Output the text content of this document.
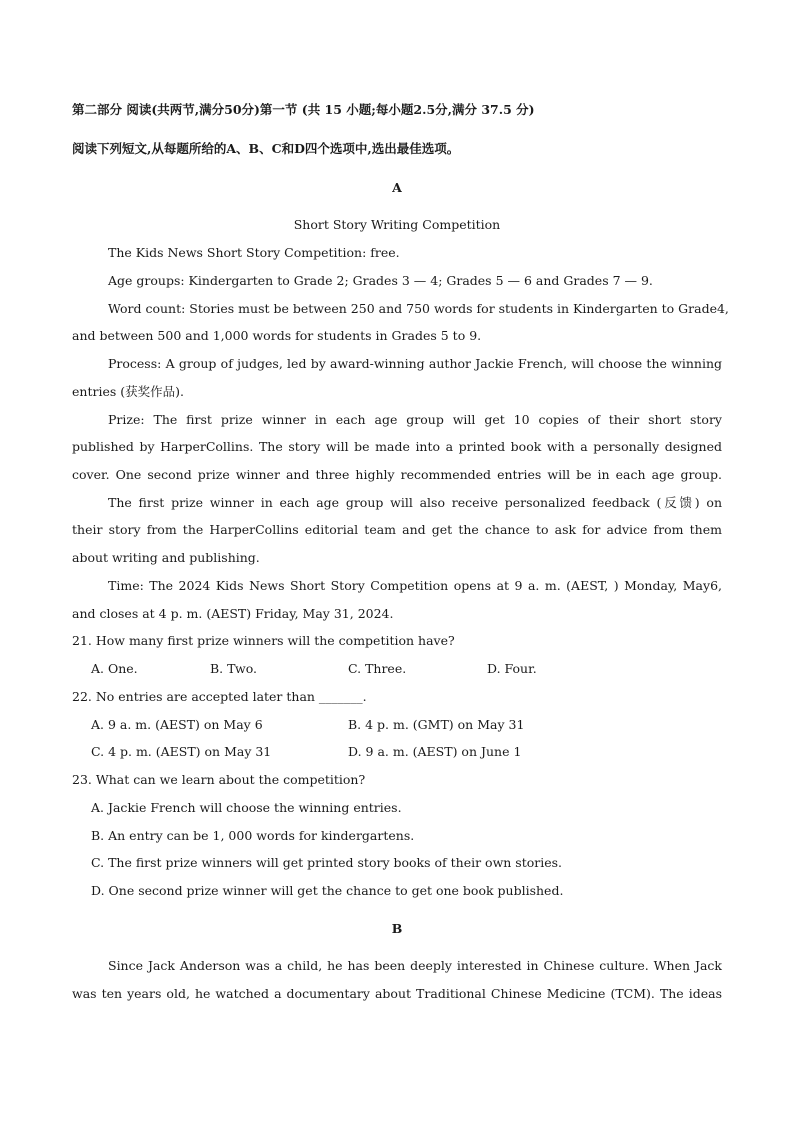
第二部分 阅读(共两节,满分50分)第一节 (共 15 小题;每小题2.5分,满分 37.5 分)
阅读下列短文,从每题所给的A、B、C和D四个选项中,选出最佳选项。
A
Short Story Writing Competition
The Kids News Short Story Competition: free.
Age groups: Kindergarten to Grade 2; Grades 3 — 4; Grades 5 — 6 and Grades 7 — 9.
Word count: Stories must be between 250 and 750 words for students in Kindergarten to Grade4,
and between 500 and 1,000 words for students in Grades 5 to 9.
Process: A group of judges, led by award-winning author Jackie French, will choose the winning
entries (获奖作品).
Prize: The first prize winner in each age group will get 10 copies of their short story
published by HarperCollins. The story will be made into a printed book with a personally designed
cover. One second prize winner and three highly recommended entries will be in each age group.
The first prize winner in each age group will also receive personalized feedback (反馈) on
their story from the HarperCollins editorial team and get the chance to ask for advice from them
about writing and publishing.
Time: The 2024 Kids News Short Story Competition opens at 9 a. m. (AEST, ) Monday, May6,
and closes at 4 p. m. (AEST) Friday, May 31, 2024.
21. How many first prize winners will the competition have?
A. One.	B. Two.	C. Three.	D. Four.
22. No entries are accepted later than _______.
A. 9 a. m. (AEST) on May 6	B. 4 p. m. (GMT) on May 31
C. 4 p. m. (AEST) on May 31	D. 9 a. m. (AEST) on June 1
23. What can we learn about the competition?
A. Jackie French will choose the winning entries.
B. An entry can be 1, 000 words for kindergartens.
C. The first prize winners will get printed story books of their own stories.
D. One second prize winner will get the chance to get one book published.
B
Since Jack Anderson was a child, he has been deeply interested in Chinese culture. When Jack
was ten years old, he watched a documentary about Traditional Chinese Medicine (TCM). The ideas
